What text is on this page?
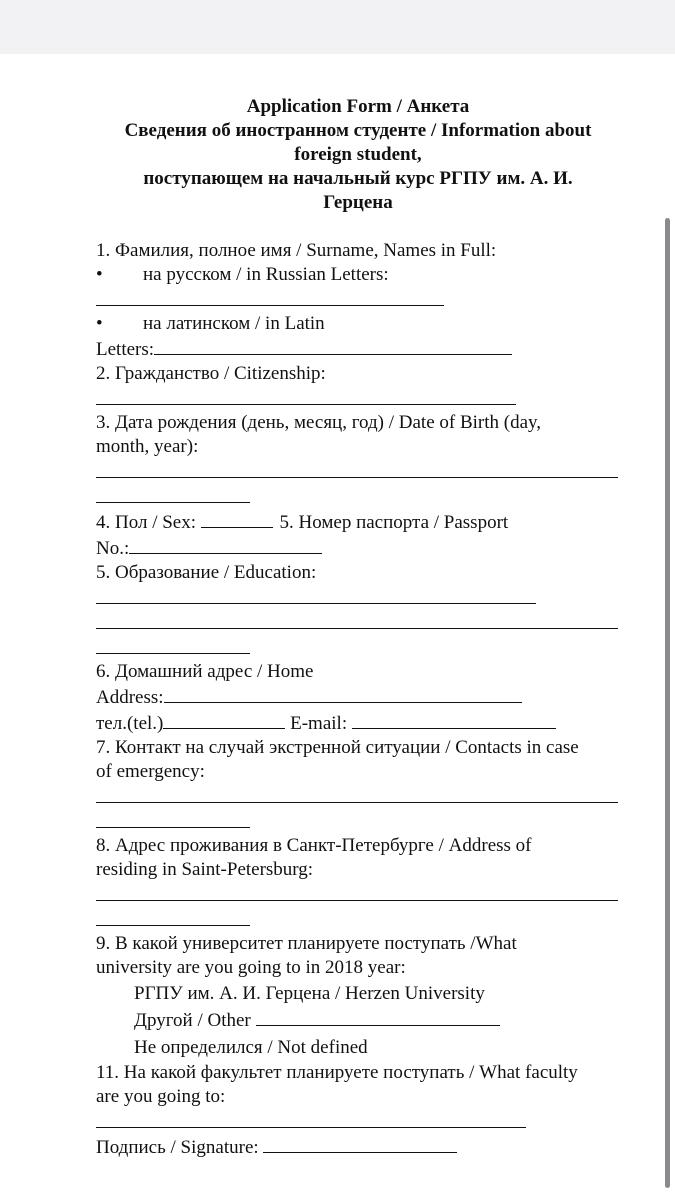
Application Form / Анкета
Сведения об иностранном студенте / Information about
foreign student,
поступающем на начальный курс РГПУ им. А. И.
Герцена
1. Фамилия, полное имя / Surname, Names in Full:
• на русском / in Russian Letters:
• на латинском / in Latin
Letters:
2. Гражданство / Citizenship:
3. Дата рождения (день, месяц, год) / Date of Birth (day,
month, year):
4. Пол / Sex:	5. Номер паспорта / Passport
No.:
5. Образование / Education:
6. Домашний адрес / Home
Address:
тел.(tel.)	E-mail:
7. Контакт на случай экстренной ситуации / Contacts in case
of emergency:
8. Адрес проживания в Санкт-Петербурге / Address of
residing in Saint-Petersburg:
9. В какой университет планируете поступать /What
university are you going to in 2018 year:
РГПУ им. А. И. Герцена / Herzen University
Другой / Other
Не определился / Not defined
11. На какой факультет планируете поступать / What faculty
are you going to:
Подпись / Signature:
